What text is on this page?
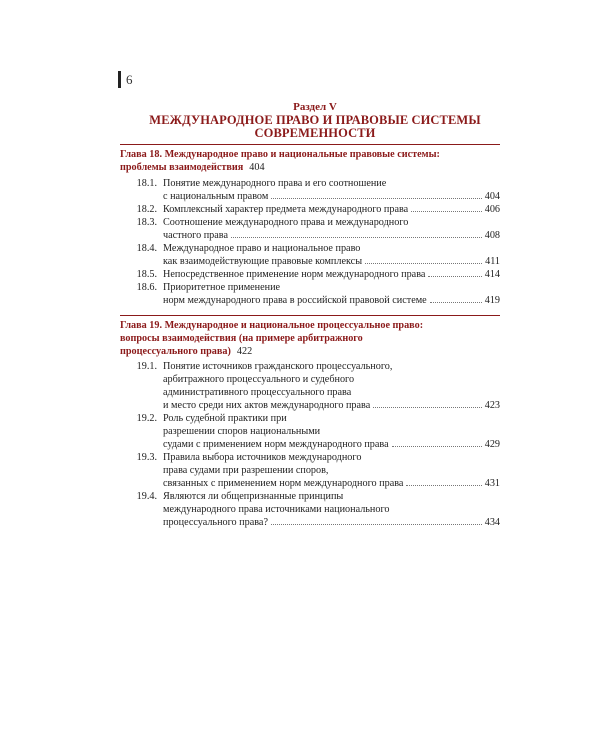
6
Раздел V
МЕЖДУНАРОДНОЕ ПРАВО И ПРАВОВЫЕ СИСТЕМЫ
СОВРЕМЕННОСТИ
Глава 18. Международное право и национальные правовые системы:
проблемы взаимодействия 404
18.1. Понятие международного права и его соотношение
с национальным правом	404
18.2. Комплексный характер предмета международного права	406
18.3. Соотношение международного права и международного
частного права	408
18.4. Международное право и национальное право
как взаимодействующие правовые комплексы	411
18.5. Непосредственное применение норм международного права	414
18.6. Приоритетное применение
норм международного права в российской правовой системе	419
Глава 19. Международное и национальное процессуальное право:
вопросы взаимодействия (на примере арбитражного
процессуального права) 422
19.1. Понятие источников гражданского процессуального,
арбитражного процессуального и судебного
административного процессуального права
и место среди них актов международного права	423
19.2. Роль судебной практики при
разрешении споров национальными
судами с применением норм международного права	429
19.3. Правила выбора источников международного
права судами при разрешении споров,
связанных с применением норм международного права	431
19.4. Являются ли общепризнанные принципы
международного права источниками национального
процессуального права?	434
